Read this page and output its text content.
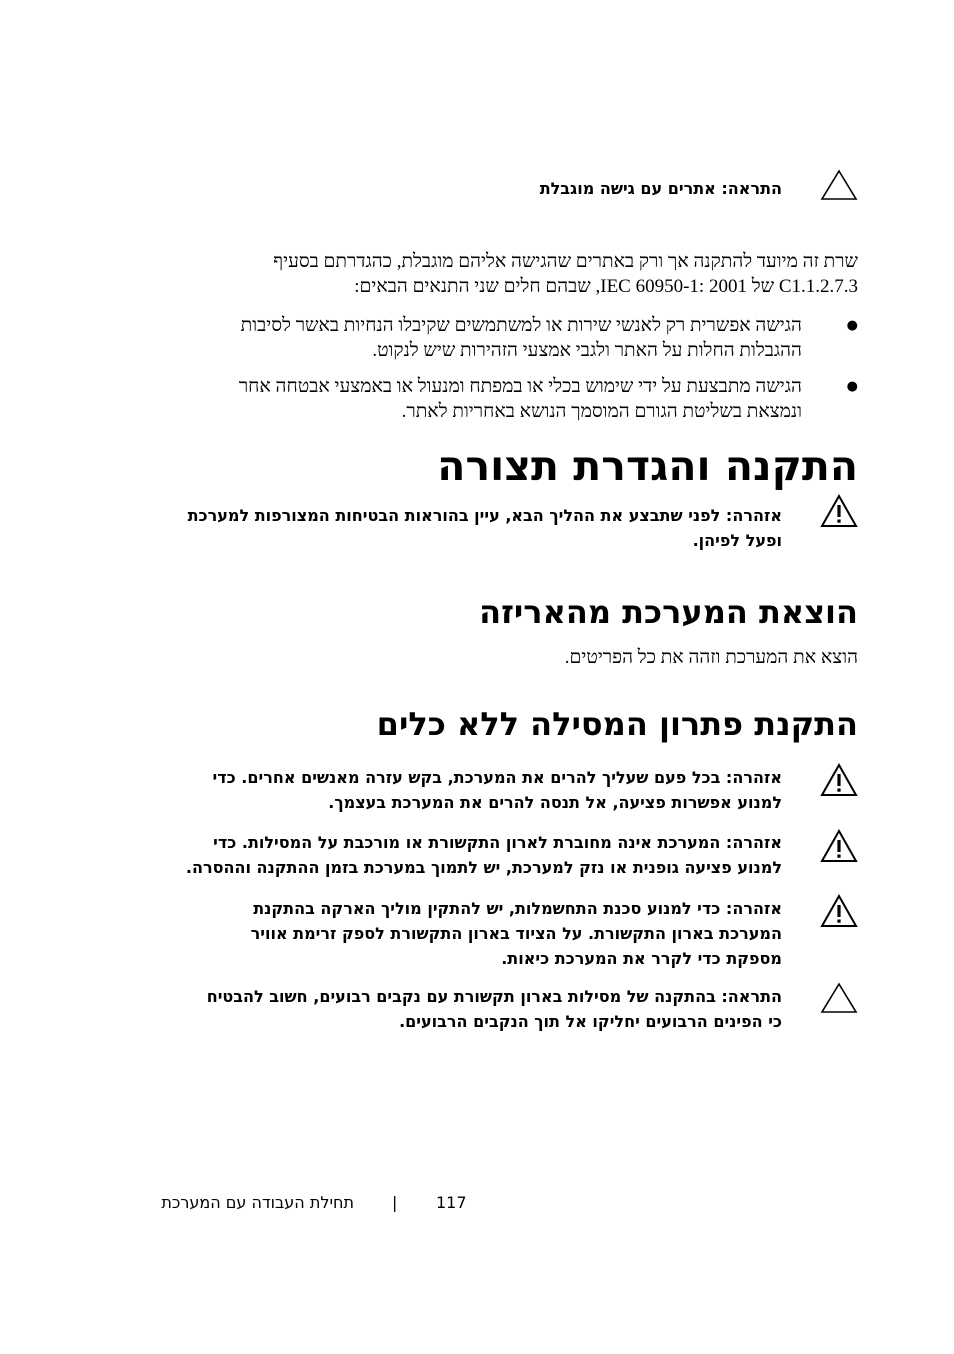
התראה: אתרים עם גישה מוגבלת
שרת זה מיועד להתקנה אך ורק באתרים שהגישה אליהם מוגבלת, כהגדרתם בסעיף
C1.1.2.7.3 של IEC 60950-1: 2001, שבהם חלים שני התנאים הבאים:
●
הגישה אפשרית רק לאנשי שירות או למשתמשים שקיבלו הנחיות באשר לסיבות
ההגבלות החלות על האתר ולגבי אמצעי הזהירות שיש לנקוט.
●
הגישה מתבצעת על ידי שימוש בכלי או במפתח ומנעול או באמצעי אבטחה אחר
ונמצאת בשליטת הגורם המוסמך הנושא באחריות לאתר.
התקנה והגדרת תצורה
אזהרה: לפני שתבצע את ההליך הבא, עיין בהוראות הבטיחות המצורפות למערכת
ופעל לפיהן.
הוצאת המערכת מהאריזה
הוצא את המערכת וזהה את כל הפריטים.
התקנת פתרון המסילה ללא כלים
אזהרה: בכל פעם שעליך להרים את המערכת, בקש עזרה מאנשים אחרים. כדי
למנוע אפשרות פציעה, אל תנסה להרים את המערכת בעצמך.
אזהרה: המערכת אינה מחוברת לארון התקשורת או מורכבת על המסילות. כדי
למנוע פציעה גופנית או נזק למערכת, יש לתמוך במערכת בזמן ההתקנה וההסרה.
אזהרה: כדי למנוע סכנת התחשמלות, יש להתקין מוליך הארקה בהתקנת
המערכת בארון התקשורת. על הציוד בארון התקשורת לספק זרימת אוויר
מספקת כדי לקרר את המערכת כיאות.
התראה: בהתקנה של מסילות בארון תקשורת עם נקבים רבועים, חשוב להבטיח
כי הפינים הרבועים יחליקו אל תוך הנקבים הרבועים.
תחילת העבודה עם המערכת | 117
